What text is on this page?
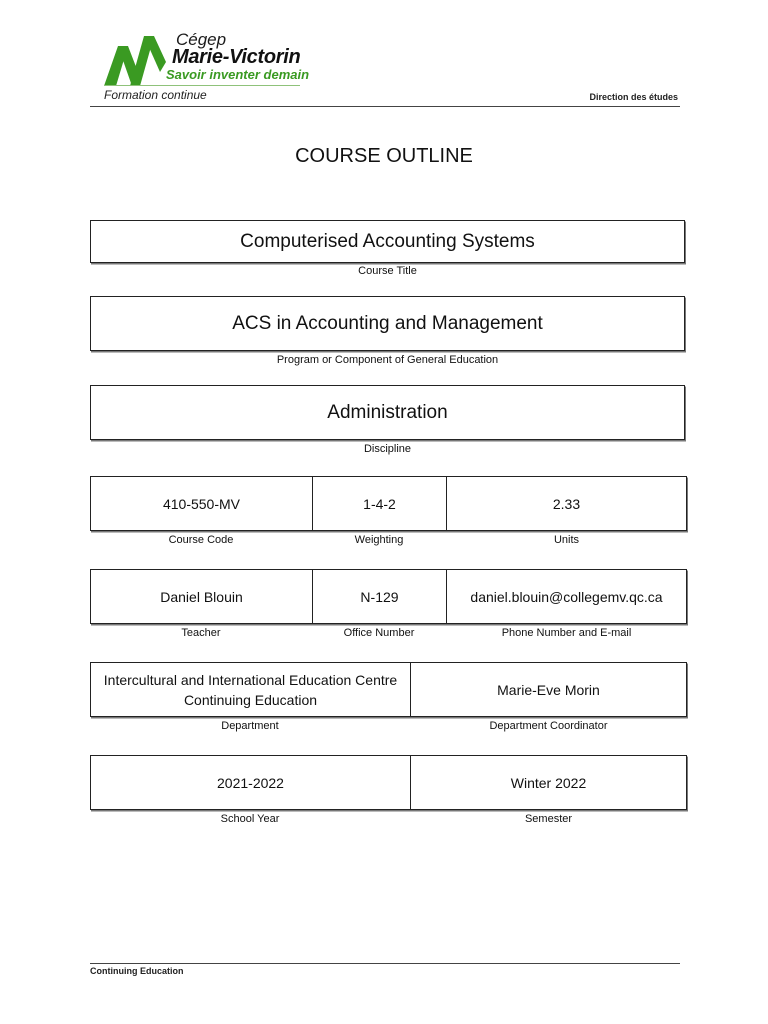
Cégep
Marie-Victorin
Savoir inventer demain
Formation continue	Direction des études
COURSE OUTLINE
Computerised Accounting Systems
Course Title
ACS in Accounting and Management
Program or Component of General Education
Administration
Discipline
410-550-MV	1-4-2	2.33
Course Code	Weighting	Units
Daniel Blouin	N-129	daniel.blouin@collegemv.qc.ca
Teacher	Office Number	Phone Number and E-mail
Intercultural and International Education Centre
Continuing Education
Marie-Eve Morin
Department	Department Coordinator
2021-2022	Winter 2022
School Year	Semester
Continuing Education
